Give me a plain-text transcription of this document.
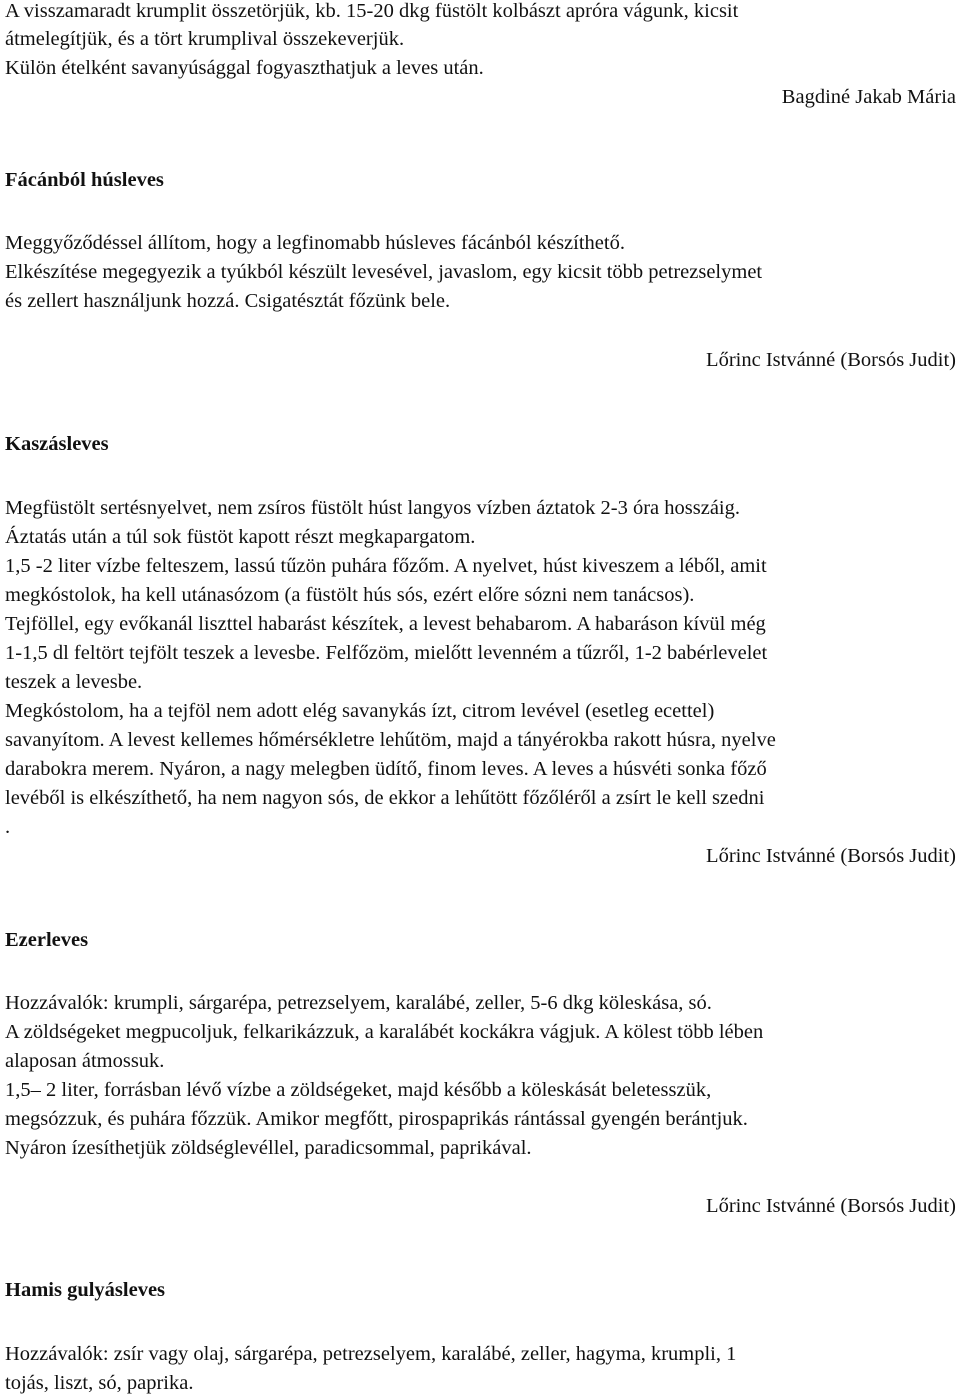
A visszamaradt krumplit összetörjük, kb. 15-20 dkg füstölt kolbászt apróra vágunk, kicsit
átmelegítjük, és a tört krumplival összekeverjük.
Külön ételként savanyúsággal fogyaszthatjuk a leves után.
Bagdiné Jakab Mária
Fácánból húsleves
Meggyőződéssel állítom, hogy a legfinomabb húsleves fácánból készíthető.
Elkészítése megegyezik a tyúkból készült levesével, javaslom, egy kicsit több petrezselymet
és zellert használjunk hozzá. Csigatésztát főzünk bele.
Lőrinc Istvánné (Borsós Judit)
Kaszásleves
Megfüstölt sertésnyelvet, nem zsíros füstölt húst langyos vízben áztatok 2-3 óra hosszáig.
Áztatás után a túl sok füstöt kapott részt megkapargatom.
1,5 -2 liter vízbe felteszem, lassú tűzön puhára főzőm. A nyelvet, húst kiveszem a léből, amit
megkóstolok, ha kell utánasózom (a füstölt hús sós, ezért előre sózni nem tanácsos).
Tejföllel, egy evőkanál liszttel habarást készítek, a levest behabarom. A habaráson kívül még
1-1,5 dl feltört tejfölt teszek a levesbe. Felfőzöm, mielőtt levenném a tűzről, 1-2 babérlevelet
teszek a levesbe.
Megkóstolom, ha a tejföl nem adott elég savanykás ízt, citrom levével (esetleg ecettel)
savanyítom. A levest kellemes hőmérsékletre lehűtöm, majd a tányérokba rakott húsra, nyelve
darabokra merem. Nyáron, a nagy melegben üdítő, finom leves. A leves a húsvéti sonka főző
levéből is elkészíthető, ha nem nagyon sós, de ekkor a lehűtött főzőléről a zsírt le kell szedni
.
Lőrinc Istvánné (Borsós Judit)
Ezerleves
Hozzávalók: krumpli, sárgarépa, petrezselyem, karalábé, zeller, 5-6 dkg köleskása, só.
A zöldségeket megpucoljuk, felkarikázzuk, a karalábét kockákra vágjuk. A kölest több lében
alaposan átmossuk.
1,5– 2 liter, forrásban lévő vízbe a zöldségeket, majd később a köleskását beletesszük,
megsózzuk, és puhára főzzük. Amikor megfőtt, pirospaprikás rántással gyengén berántjuk.
Nyáron ízesíthetjük zöldséglevéllel, paradicsommal, paprikával.
Lőrinc Istvánné (Borsós Judit)
Hamis gulyásleves
Hozzávalók: zsír vagy olaj, sárgarépa, petrezselyem, karalábé, zeller, hagyma, krumpli, 1
tojás, liszt, só, paprika.
